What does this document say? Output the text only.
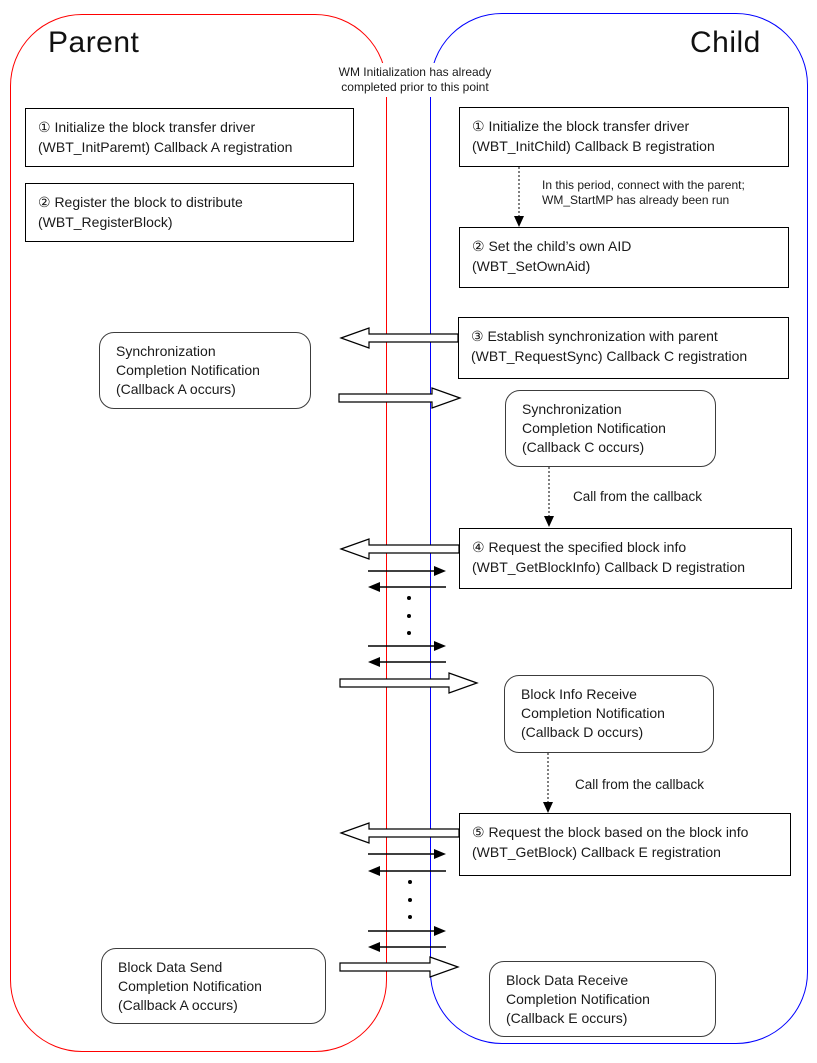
Parent	Child
WM Initialization has already
completed prior to this point
① Initialize the block transfer driver
(WBT_InitParemt) Callback A registration
② Register the block to distribute
(WBT_RegisterBlock)
① Initialize the block transfer driver
(WBT_InitChild) Callback B registration
② Set the child’s own AID
(WBT_SetOwnAid)
③ Establish synchronization with parent
(WBT_RequestSync) Callback C registration
④ Request the specified block info
(WBT_GetBlockInfo) Callback D registration
⑤ Request the block based on the block info
(WBT_GetBlock) Callback E registration
Synchronization
Completion Notification
(Callback A occurs)
Synchronization
Completion Notification
(Callback C occurs)
Block Info Receive
Completion Notification
(Callback D occurs)
Block Data Send
Completion Notification
(Callback A occurs)
Block Data Receive
Completion Notification
(Callback E occurs)
In this period, connect with the parent;
WM_StartMP has already been run
Call from the callback
Call from the callback
